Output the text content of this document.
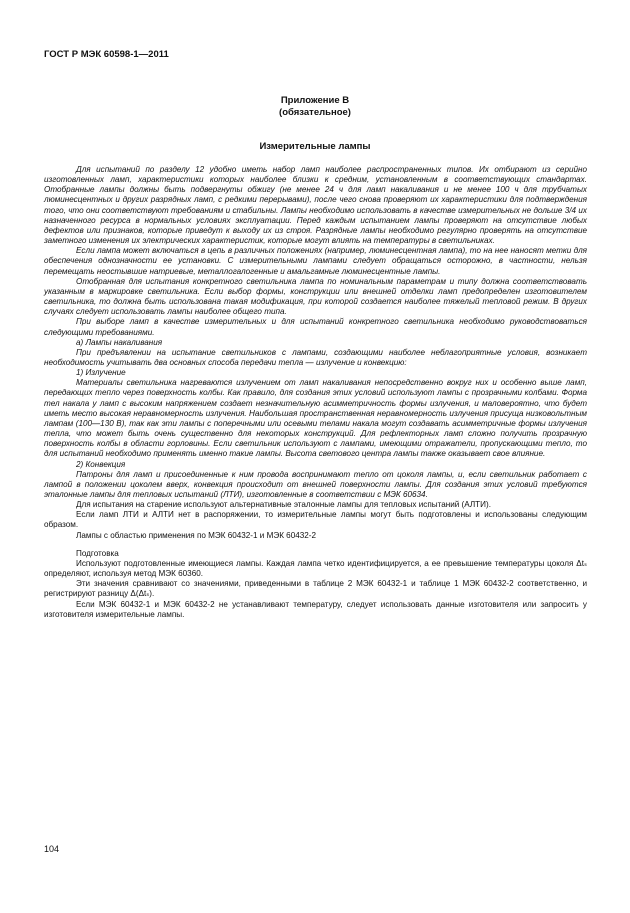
ГОСТ Р МЭК 60598-1—2011
Приложение В
(обязательное)
Измерительные лампы

Для испытаний по разделу 12 удобно иметь набор ламп наиболее распространенных типов. Их отбирают из серийно изготовленных ламп, характеристики которых наиболее близки к средним, установленным в соответствующих стандартах. Отобранные лампы должны быть подвергнуты обжигу (не менее 24 ч для ламп накаливания и не менее 100 ч для трубчатых люминесцентных и других разрядных ламп, с редкими перерывами), после чего снова проверяют их характеристики для подтверждения того, что они соответствуют требованиям и стабильны. Лампы необходимо использовать в качестве измерительных не дольше 3/4 их назначенного ресурса в нормальных условиях эксплуатации. Перед каждым испытанием лампы проверяют на отсутствие любых дефектов или признаков, которые приведут к выходу их из строя. Разрядные лампы необходимо регулярно проверять на отсутствие заметного изменения их электрических характеристик, которые могут влиять на температуры в светильниках.

Если лампа может включаться в цепь в различных положениях (например, люминесцентная лампа), то на нее наносят метки для обеспечения однозначности ее установки. С измерительными лампами следует обращаться осторожно, в частности, нельзя перемещать неостывшие натриевые, металлогалогенные и амальгамные люминесцентные лампы.

Отобранная для испытания конкретного светильника лампа по номинальным параметрам и типу должна соответствовать указанным в маркировке светильника. Если выбор формы, конструкции или внешней отделки ламп предопределен изготовителем светильника, то должна быть использована такая модификация, при которой создается наиболее тяжелый тепловой режим. В других случаях следует использовать лампы наиболее общего типа.

При выборе ламп в качестве измерительных и для испытаний конкретного светильника необходимо руководствоваться следующими требованиями.

а) Лампы накаливания

При предъявлении на испытание светильников с лампами, создающими наиболее неблагоприятные условия, возникает необходимость учитывать два основных способа передачи тепла — излучение и конвекцию:

1) Излучение

Материалы светильника нагреваются излучением от ламп накаливания непосредственно вокруг них и особенно выше ламп, передающих тепло через поверхность колбы. Как правило, для создания этих условий используют лампы с прозрачными колбами. Форма тел накала у ламп с высоким напряжением создает незначительную асимметричность формы излучения, и маловероятно, что будет иметь место высокая неравномерность излучения. Наибольшая пространственная неравномерность излучения присуща низковольтным лампам (100—130 В), так как эти лампы с поперечными или осевыми телами накала могут создавать асимметричные формы излучения тепла, что может быть очень существенно для некоторых конструкций. Для рефлекторных ламп сложно получить прозрачную поверхность колбы в области горловины. Если светильник используют с лампами, имеющими отражатели, пропускающими тепло, то для испытаний необходимо применять именно такие лампы. Высота светового центра лампы также оказывает свое влияние.

2) Конвекция

Патроны для ламп и присоединенные к ним провода воспринимают тепло от цоколя лампы, и, если светильник работает с лампой в положении цоколем вверх, конвекция происходит от внешней поверхности лампы. Для создания этих условий требуются эталонные лампы для тепловых испытаний (ЛТИ), изготовленные в соответствии с МЭК 60634.

Для испытания на старение используют альтернативные эталонные лампы для тепловых испытаний (АЛТИ).

Если ламп ЛТИ и АЛТИ нет в распоряжении, то измерительные лампы могут быть подготовлены и использованы следующим образом.

Лампы с областью применения по МЭК 60432-1 и МЭК 60432-2

Подготовка

Используют подготовленные имеющиеся лампы. Каждая лампа четко идентифицируется, а ее превышение температуры цоколя Δtₛ определяют, используя метод МЭК 60360.

Эти значения сравнивают со значениями, приведенными в таблице 2 МЭК 60432-1 и таблице 1 МЭК 60432-2 соответственно, и регистрируют разницу Δ(Δtₛ).

Если МЭК 60432-1 и МЭК 60432-2 не устанавливают температуру, следует использовать данные изготовителя или запросить у изготовителя измерительные лампы.

104
